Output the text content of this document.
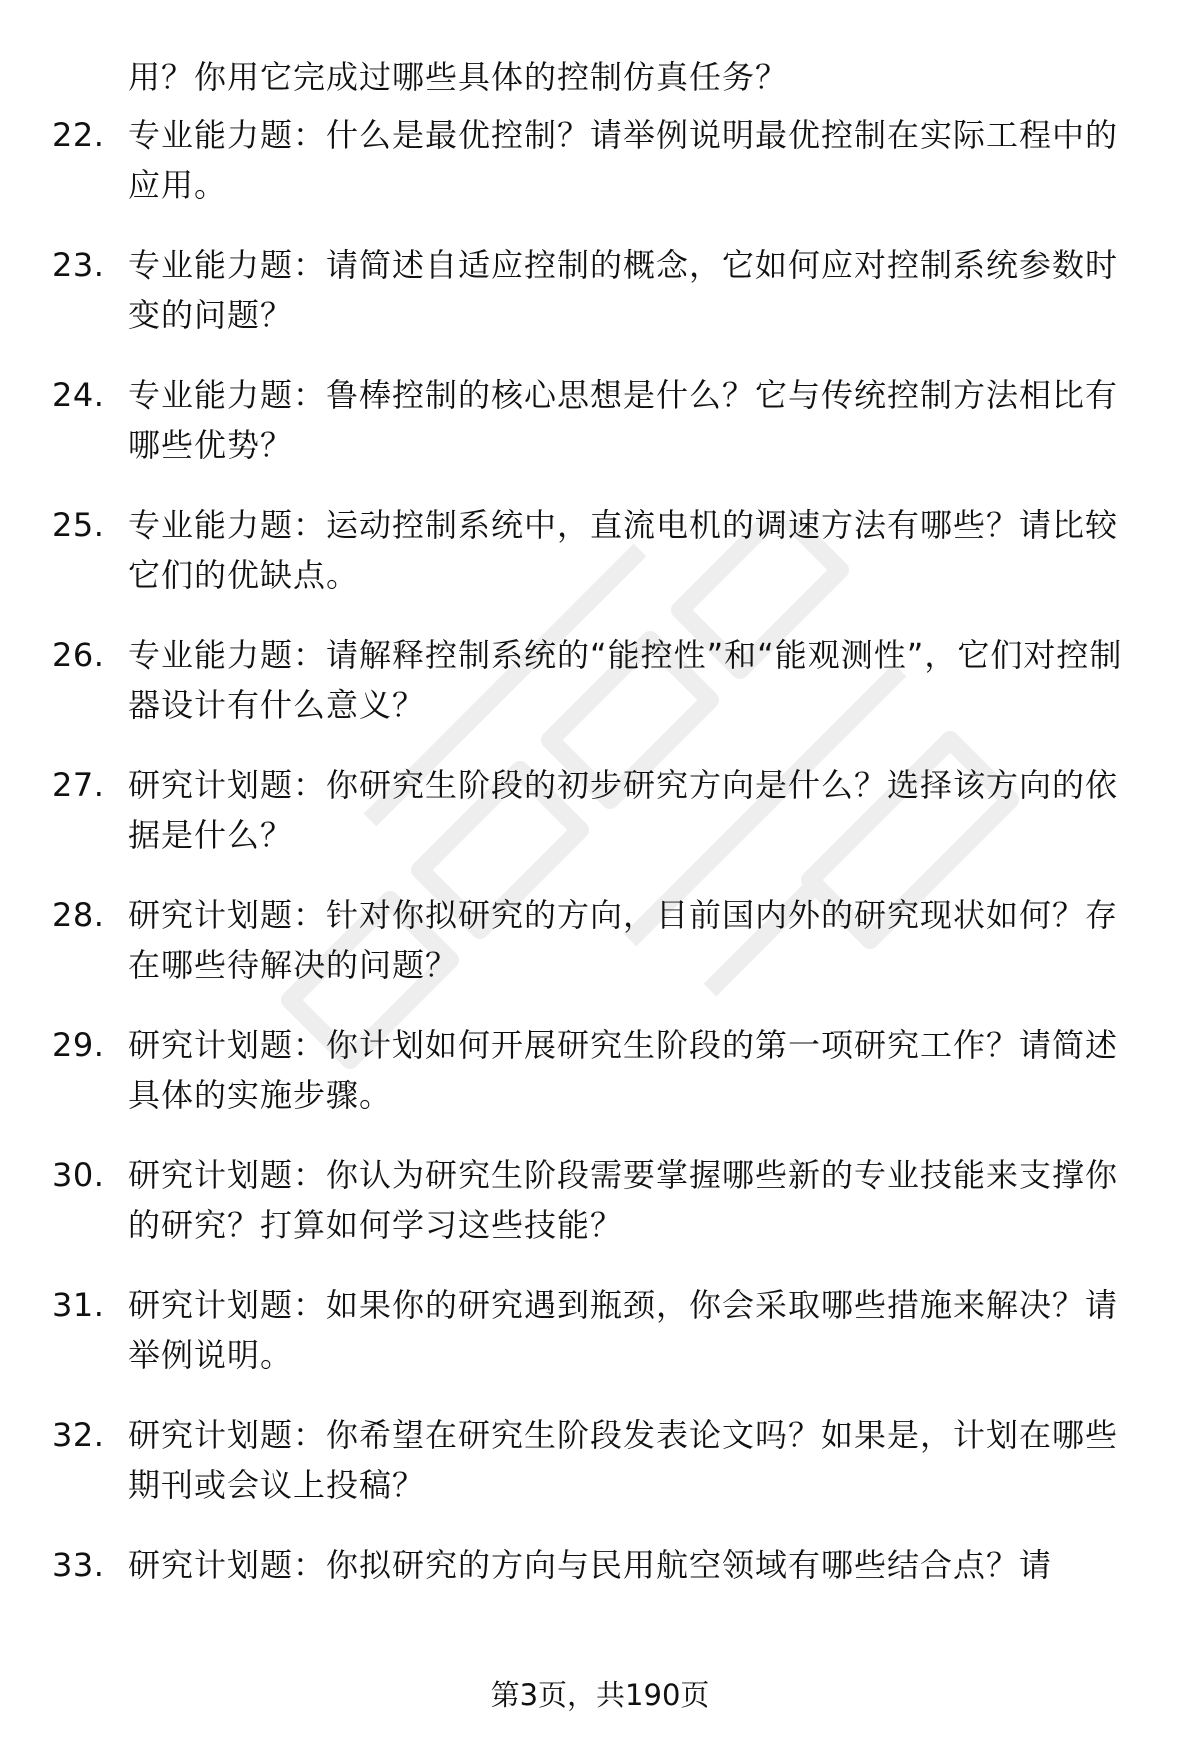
用？你用它完成过哪些具体的控制仿真任务？
22. 专业能力题：什么是最优控制？请举例说明最优控制在实际工程中的应用。
23. 专业能力题：请简述自适应控制的概念，它如何应对控制系统参数时变的问题？
24. 专业能力题：鲁棒控制的核心思想是什么？它与传统控制方法相比有哪些优势？
25. 专业能力题：运动控制系统中，直流电机的调速方法有哪些？请比较它们的优缺点。
26. 专业能力题：请解释控制系统的“能控性”和“能观测性”，它们对控制器设计有什么意义？
27. 研究计划题：你研究生阶段的初步研究方向是什么？选择该方向的依据是什么？
28. 研究计划题：针对你拟研究的方向，目前国内外的研究现状如何？存在哪些待解决的问题？
29. 研究计划题：你计划如何开展研究生阶段的第一项研究工作？请简述具体的实施步骤。
30. 研究计划题：你认为研究生阶段需要掌握哪些新的专业技能来支撑你的研究？打算如何学习这些技能？
31. 研究计划题：如果你的研究遇到瓶颈，你会采取哪些措施来解决？请举例说明。
32. 研究计划题：你希望在研究生阶段发表论文吗？如果是，计划在哪些期刊或会议上投稿？
33. 研究计划题：你拟研究的方向与民用航空领域有哪些结合点？请
第3页，共190页
